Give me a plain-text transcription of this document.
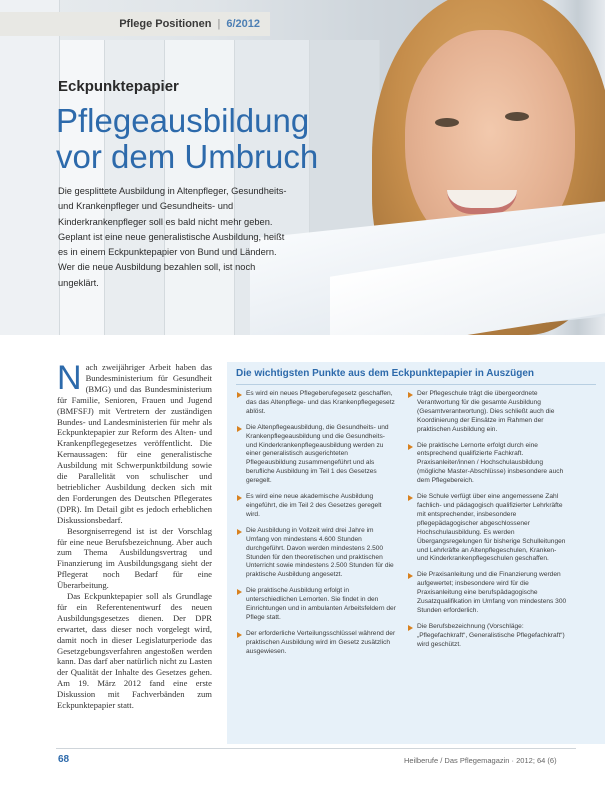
Pflege Positionen | 6/2012
Eckpunktepapier
Pflegeausbildung
vor dem Umbruch

Die gesplittete Ausbildung in Altenpfleger, Gesundheits- und Krankenpfleger und Gesundheits- und Kinderkrankenpfleger soll es bald nicht mehr geben. Geplant ist eine neue generalistische Ausbildung, heißt es in einem Eckpunktepapier von Bund und Ländern. Wer die neue Ausbildung bezahlen soll, ist noch ungeklärt.

Nach zweijähriger Arbeit haben das Bundesministerium für Gesundheit (BMG) und das Bundesministerium für Familie, Senioren, Frauen und Jugend (BMFSFJ) mit Vertretern der zuständigen Bundes- und Landesministerien für mehr als Eckpunktepapier zur Reform des Alten- und Krankenpflegegesetzes veröffentlicht. Die Kernaussagen: für eine generalistische Ausbildung mit Schwerpunktbildung sowie die Parallelität von schulischer und betrieblicher Ausbildung decken sich mit den Forderungen des Deutschen Pflegerates (DPR). Im Detail gibt es jedoch erheblichen Diskussionsbedarf.

Besorgniserregend ist ist der Vorschlag für eine neue Berufsbezeichnung. Aber auch zum Thema Ausbildungsvertrag und Finanzierung im Ausbildungsgang sieht der Pflegerat noch Bedarf für eine Überarbeitung.

Das Eckpunktepapier soll als Grundlage für ein Referentenentwurf des neuen Ausbildungsgesetzes dienen. Der DPR erwartet, dass dieser noch vorgelegt wird, damit noch in dieser Legislaturperiode das Gesetzgebungsverfahren angestoßen werden kann. Das darf aber natürlich nicht zu Lasten der Qualität der Inhalte des Gesetzes gehen. Am 19. März 2012 fand eine erste Diskussion mit Fachverbänden zum Eckpunktepapier statt.

Die wichtigsten Punkte aus dem Eckpunktepapier in Auszügen
Es wird ein neues Pflegeberufegesetz geschaffen, das das Altenpflege- und das Krankenpflegegesetz ablöst.
Die Altenpflegeausbildung, die Gesundheits- und Krankenpflegeausbildung und die Gesundheits- und Kinderkrankenpflegeausbildung werden zu einer generalistisch ausgerichteten Pflegeausbildung zusammengeführt und als berufliche Ausbildung im Teil 1 des Gesetzes geregelt.
Es wird eine neue akademische Ausbildung eingeführt, die im Teil 2 des Gesetzes geregelt wird.
Die Ausbildung in Vollzeit wird drei Jahre im Umfang von mindestens 4.600 Stunden durchgeführt. Davon werden mindestens 2.500 Stunden für den theoretischen und praktischen Unterricht sowie mindestens 2.500 Stunden für die praktische Ausbildung angesetzt.
Die praktische Ausbildung erfolgt in unterschiedlichen Lernorten. Sie findet in den Einrichtungen und in ambulanten Arbeitsfeldern der Pflege statt.
Der erforderliche Verteilungsschlüssel während der praktischen Ausbildung wird im Gesetz zusätzlich ausgewiesen.
Der Pflegeschule trägt die übergeordnete Verantwortung für die gesamte Ausbildung (Gesamtverantwortung). Dies schließt auch die Koordinierung der Einsätze im Rahmen der praktischen Ausbildung ein.
Die praktische Lernorte erfolgt durch eine entsprechend qualifizierte Fachkraft. Praxisanleiter/innen / Hochschulausbildung (mögliche Master-Abschlüsse) insbesondere auch dem Pflegebereich.
Die Schule verfügt über eine angemessene Zahl fachlich- und pädagogisch qualifizierter Lehrkräfte mit entsprechender, insbesondere pflegepädagogischer abgeschlossener Hochschulausbildung. Es werden Übergangsregelungen für bisherige Schulleitungen und Lehrkräfte an Altenpflegeschulen, Kranken- und Kinderkrankenpflegeschulen geschaffen.
Die Praxisanleitung und die Finanzierung werden aufgewertet; insbesondere wird für die Praxisanleitung eine berufspädagogische Zusatzqualifikation im Umfang von mindestens 300 Stunden erforderlich.
Die Berufsbezeichnung (Vorschläge: „Pflegefachkraft“, Generalistische Pflegefachkraft“) wird geschützt.
68	Heilberufe / Das Pflegemagazin · 2012; 64 (6)
